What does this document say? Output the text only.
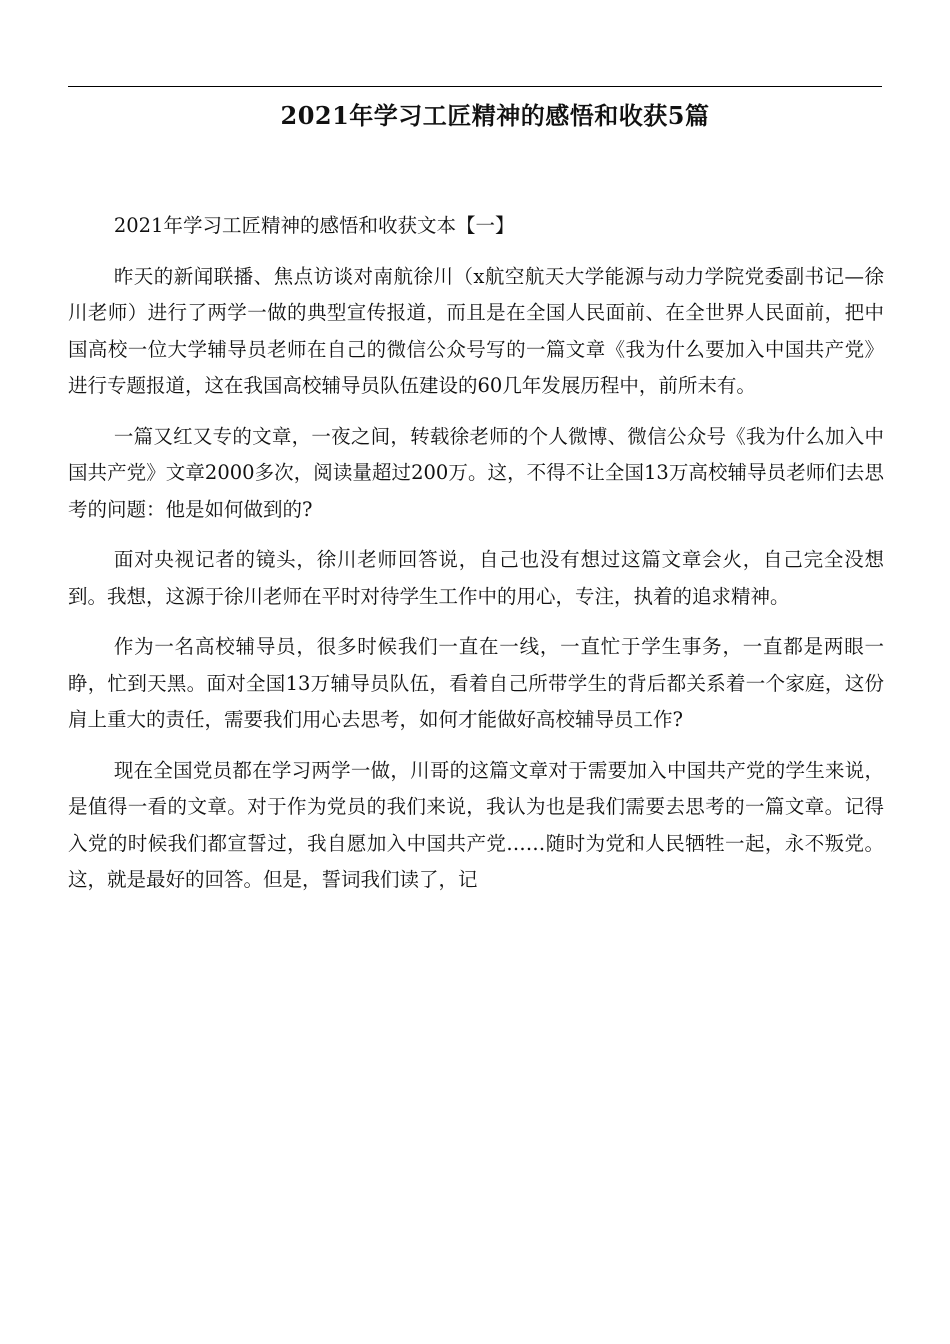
2021年学习工匠精神的感悟和收获5篇

2021年学习工匠精神的感悟和收获文本【一】

昨天的新闻联播、焦点访谈对南航徐川（x航空航天大学能源与动力学院党委副书记—徐川老师）进行了两学一做的典型宣传报道，而且是在全国人民面前、在全世界人民面前，把中国高校一位大学辅导员老师在自己的微信公众号写的一篇文章《我为什么要加入中国共产党》进行专题报道，这在我国高校辅导员队伍建设的60几年发展历程中，前所未有。

一篇又红又专的文章，一夜之间，转载徐老师的个人微博、微信公众号《我为什么加入中国共产党》文章2000多次，阅读量超过200万。这，不得不让全国13万高校辅导员老师们去思考的问题：他是如何做到的?

面对央视记者的镜头，徐川老师回答说，自己也没有想过这篇文章会火，自己完全没想到。我想，这源于徐川老师在平时对待学生工作中的用心，专注，执着的追求精神。

作为一名高校辅导员，很多时候我们一直在一线，一直忙于学生事务，一直都是两眼一睁，忙到天黑。面对全国13万辅导员队伍，看着自己所带学生的背后都关系着一个家庭，这份肩上重大的责任，需要我们用心去思考，如何才能做好高校辅导员工作?

现在全国党员都在学习两学一做，川哥的这篇文章对于需要加入中国共产党的学生来说，是值得一看的文章。对于作为党员的我们来说，我认为也是我们需要去思考的一篇文章。记得入党的时候我们都宣誓过，我自愿加入中国共产党……随时为党和人民牺牲一起，永不叛党。这，就是最好的回答。但是，誓词我们读了，记
